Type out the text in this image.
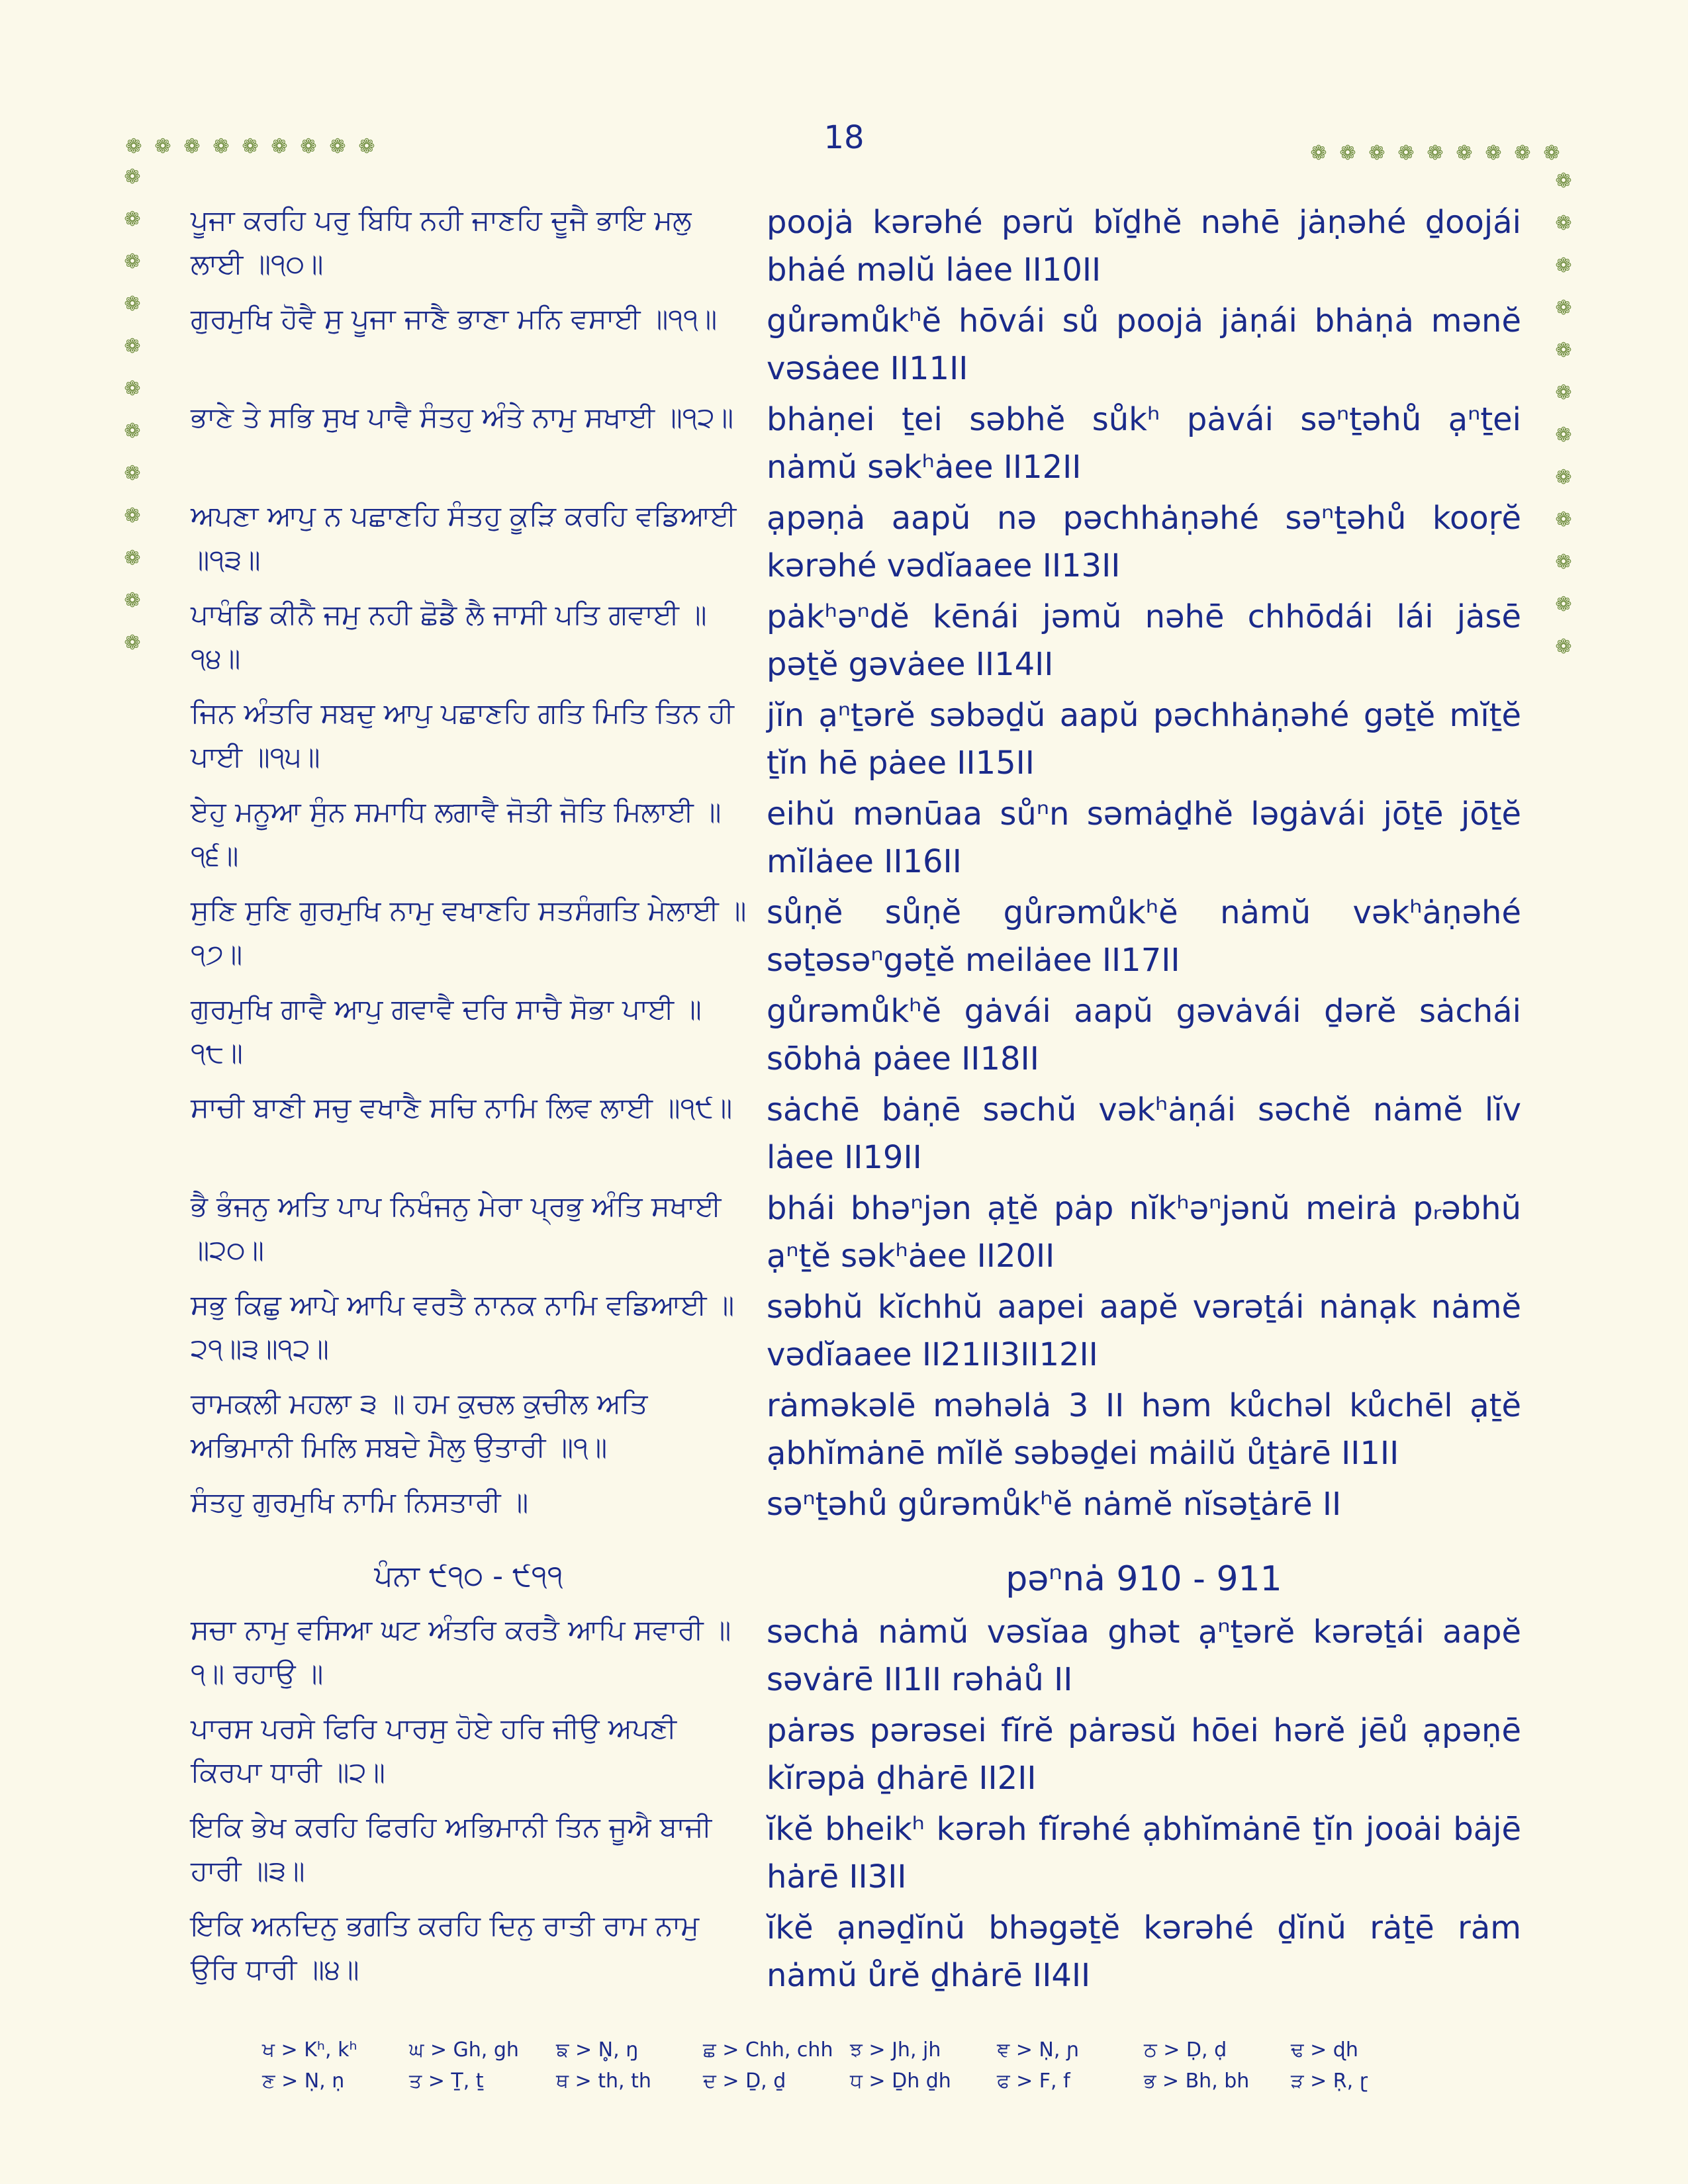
18
❁ ❁ ❁ ❁ ❁ ❁ ❁ ❁ ❁
❁
❁
❁
❁
❁
❁
❁
❁
❁
❁
❁
❁
❁ ❁ ❁ ❁ ❁ ❁ ❁ ❁ ❁
❁
❁
❁
❁
❁
❁
❁
❁
❁
❁
❁
❁
ਪੂਜਾ ਕਰਹਿ ਪਰੁ ਬਿਧਿ ਨਹੀ ਜਾਣਹਿ ਦੂਜੈ ਭਾਇ ਮਲੁ ਲਾਈ ॥੧੦॥
poojȧ kərəhé pərŭ bĭḏhĕ nəhē jȧṇəhé ḏoojái bhȧé məlŭ lȧee II10II
ਗੁਰਮੁਖਿ ਹੋਵੈ ਸੁ ਪੂਜਾ ਜਾਣੈ ਭਾਣਾ ਮਨਿ ਵਸਾਈ ॥੧੧॥	gůrəmůkʰĕ hōvái sů poojȧ jȧṇái bhȧṇȧ mənĕ vəsȧee II11II
ਭਾਣੇ ਤੇ ਸਭਿ ਸੁਖ ਪਾਵੈ ਸੰਤਹੁ ਅੰਤੇ ਨਾਮੁ ਸਖਾਈ ॥੧੨॥	bhȧṇei ṯei səbhĕ sůkʰ pȧvái səⁿṯəhů ạⁿṯei nȧmŭ səkʰȧee II12II
ਅਪਣਾ ਆਪੁ ਨ ਪਛਾਣਹਿ ਸੰਤਹੁ ਕੂੜਿ ਕਰਹਿ ਵਡਿਆਈ ॥੧੩॥
ạpəṇȧ aapŭ nə pəchhȧṇəhé səⁿṯəhů kooṛĕ kərəhé vədĭaaee II13II
ਪਾਖੰਡਿ ਕੀਨੈ ਜਮੁ ਨਹੀ ਛੋਡੈ ਲੈ ਜਾਸੀ ਪਤਿ ਗਵਾਈ ॥੧੪॥
pȧkʰəⁿdĕ kēnái jəmŭ nəhē chhōdái lái jȧsē pəṯĕ gəvȧee II14II
ਜਿਨ ਅੰਤਰਿ ਸਬਦੁ ਆਪੁ ਪਛਾਣਹਿ ਗਤਿ ਮਿਤਿ ਤਿਨ ਹੀ ਪਾਈ ॥੧੫॥
jĭn ạⁿṯərĕ səbəḏŭ aapŭ pəchhȧṇəhé gəṯĕ mĭṯĕ ṯĭn hē pȧee II15II
ਏਹੁ ਮਨੂਆ ਸੁੰਨ ਸਮਾਧਿ ਲਗਾਵੈ ਜੋਤੀ ਜੋਤਿ ਮਿਲਾਈ ॥੧੬॥
eihŭ mənūaa sůⁿn səmȧḏhĕ ləgȧvái jōṯē jōṯĕ mĭlȧee II16II
ਸੁਣਿ ਸੁਣਿ ਗੁਰਮੁਖਿ ਨਾਮੁ ਵਖਾਣਹਿ ਸਤਸੰਗਤਿ ਮੇਲਾਈ ॥੧੭॥
sůṇĕ sůṇĕ gůrəmůkʰĕ nȧmŭ vəkʰȧṇəhé səṯəsəⁿgəṯĕ meilȧee II17II
ਗੁਰਮੁਖਿ ਗਾਵੈ ਆਪੁ ਗਵਾਵੈ ਦਰਿ ਸਾਚੈ ਸੋਭਾ ਪਾਈ ॥੧੮॥
gůrəmůkʰĕ gȧvái aapŭ gəvȧvái ḏərĕ sȧchái sōbhȧ pȧee II18II
ਸਾਚੀ ਬਾਣੀ ਸਚੁ ਵਖਾਣੈ ਸਚਿ ਨਾਮਿ ਲਿਵ ਲਾਈ ॥੧੯॥	sȧchē bȧṇē səchŭ vəkʰȧṇái səchĕ nȧmĕ lĭv lȧee II19II
ਭੈ ਭੰਜਨੁ ਅਤਿ ਪਾਪ ਨਿਖੰਜਨੁ ਮੇਰਾ ਪ੍ਰਭੁ ਅੰਤਿ ਸਖਾਈ ॥੨੦॥
bhái bhəⁿjən ạṯĕ pȧp nĭkʰəⁿjənŭ meirȧ pᵣəbhŭ ạⁿṯĕ səkʰȧee II20II
ਸਭੁ ਕਿਛੁ ਆਪੇ ਆਪਿ ਵਰਤੈ ਨਾਨਕ ਨਾਮਿ ਵਡਿਆਈ ॥੨੧॥੩॥੧੨॥
səbhŭ kĭchhŭ aapei aapĕ vərəṯái nȧnạk nȧmĕ vədĭaaee II21II3II12II
ਰਾਮਕਲੀ ਮਹਲਾ ੩ ॥ ਹਮ ਕੁਚਲ ਕੁਚੀਲ ਅਤਿ ਅਭਿਮਾਨੀ ਮਿਲਿ ਸਬਦੇ ਮੈਲੁ ਉਤਾਰੀ ॥੧॥
rȧməkəlē məhəlȧ 3 II həm kůchəl kůchēl ạṯĕ ạbhĭmȧnē mĭlĕ səbəḏei mȧilŭ ůṯȧrē II1II
ਸੰਤਹੁ ਗੁਰਮੁਖਿ ਨਾਮਿ ਨਿਸਤਾਰੀ ॥	səⁿṯəhů gůrəmůkʰĕ nȧmĕ nĭsəṯȧrē II
ਪੰਨਾ ੯੧੦ - ੯੧੧	pəⁿnȧ 910 - 911
ਸਚਾ ਨਾਮੁ ਵਸਿਆ ਘਟ ਅੰਤਰਿ ਕਰਤੈ ਆਪਿ ਸਵਾਰੀ ॥੧॥ ਰਹਾਉ ॥
səchȧ nȧmŭ vəsĭaa ghət ạⁿṯərĕ kərəṯái aapĕ səvȧrē II1II rəhȧů II
ਪਾਰਸ ਪਰਸੇ ਫਿਰਿ ਪਾਰਸੁ ਹੋਏ ਹਰਿ ਜੀਉ ਅਪਣੀ ਕਿਰਪਾ ਧਾਰੀ ॥੨॥
pȧrəs pərəsei fĭrĕ pȧrəsŭ hōei hərĕ jēů ạpəṇē kĭrəpȧ ḏhȧrē II2II
ਇਕਿ ਭੇਖ ਕਰਹਿ ਫਿਰਹਿ ਅਭਿਮਾਨੀ ਤਿਨ ਜੂਐ ਬਾਜੀ ਹਾਰੀ ॥੩॥
ĭkĕ bheikʰ kərəh fĭrəhé ạbhĭmȧnē ṯĭn jooȧi bȧjē hȧrē II3II
ਇਕਿ ਅਨਦਿਨੁ ਭਗਤਿ ਕਰਹਿ ਦਿਨੁ ਰਾਤੀ ਰਾਮ ਨਾਮੁ ਉਰਿ ਧਾਰੀ ॥੪॥
ĭkĕ ạnəḏĭnŭ bhəgəṯĕ kərəhé ḏĭnŭ rȧṯē rȧm nȧmŭ ůrĕ ḏhȧrē II4II
ਖ > Kʰ, kʰ	ਘ > Gh, gh	ਙ > N̥, ŋ	ਛ > Chh, chh ਝ > Jh, jh	ਞ > Ṇ, ɲ	ਠ > Ḍ, ḍ	ਢ > ɖh
ਣ > Ṇ, ṇ	ਤ > Ṯ, ṯ	ਥ > th, th	ਦ > Ḏ, ḏ	ਧ > Ḏh ḏh	ਫ > F, f	ਭ > Bh, bh	ੜ > Ṛ, ɽ
